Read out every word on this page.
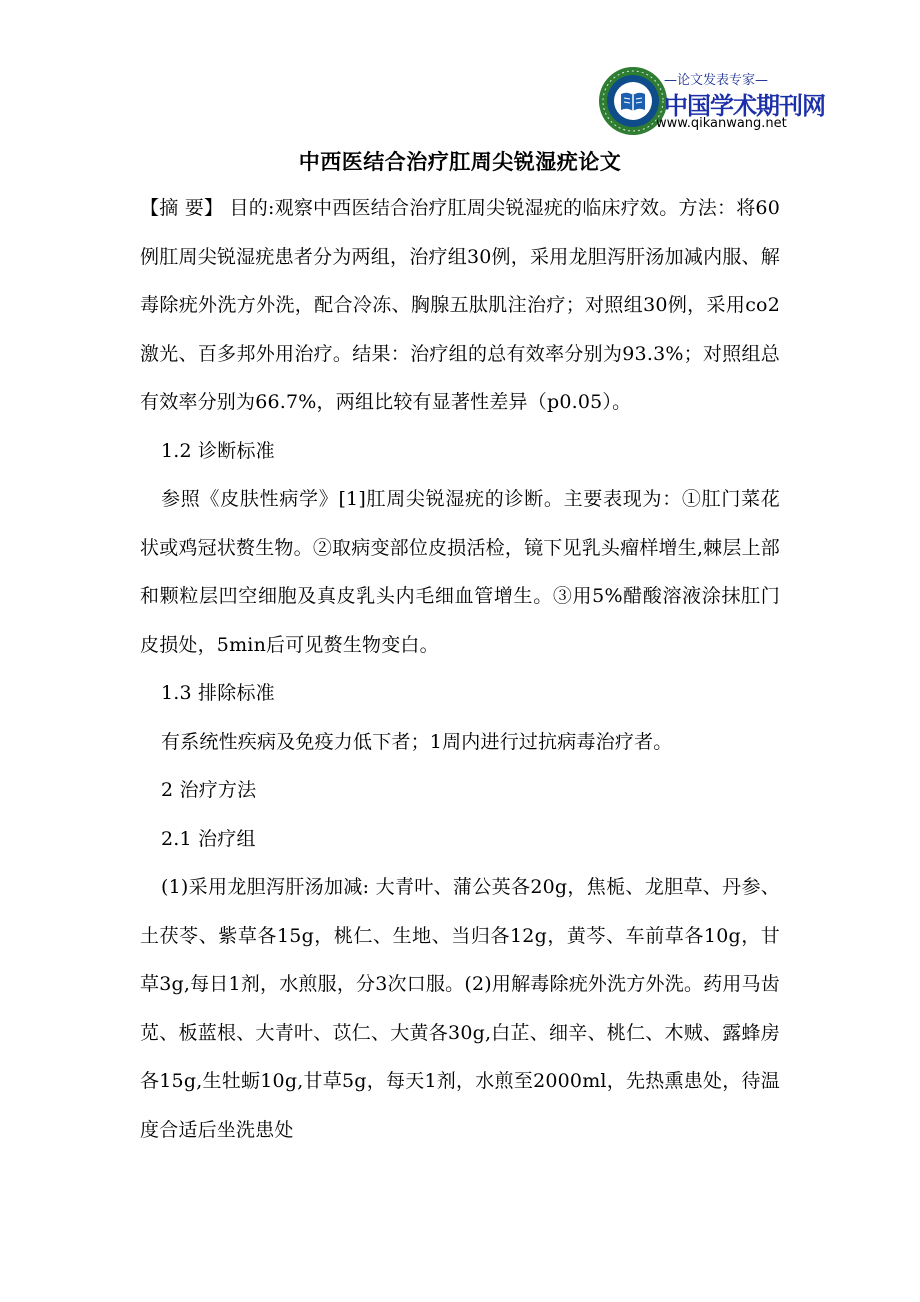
—论文发表专家—
中国学术期刊网
www.qikanwang.net
中西医结合治疗肛周尖锐湿疣论文

【摘 要】 目的:观察中西医结合治疗肛周尖锐湿疣的临床疗效。方法：将60例肛周尖锐湿疣患者分为两组，治疗组30例，采用龙胆泻肝汤加减内服、解毒除疣外洗方外洗，配合冷冻、胸腺五肽肌注治疗；对照组30例，采用co2激光、百多邦外用治疗。结果：治疗组的总有效率分别为93.3%；对照组总有效率分别为66.7%，两组比较有显著性差异（p0.05）。

1.2 诊断标准

参照《皮肤性病学》[1]肛周尖锐湿疣的诊断。主要表现为：①肛门菜花状或鸡冠状赘生物。②取病变部位皮损活检，镜下见乳头瘤样增生,棘层上部和颗粒层凹空细胞及真皮乳头内毛细血管增生。③用5%醋酸溶液涂抹肛门皮损处，5min后可见赘生物变白。

1.3 排除标准

有系统性疾病及免疫力低下者；1周内进行过抗病毒治疗者。

2 治疗方法

2.1 治疗组

(1)采用龙胆泻肝汤加减: 大青叶、蒲公英各20g，焦栀、龙胆草、丹参、土茯苓、紫草各15g，桃仁、生地、当归各12g，黄芩、车前草各10g，甘草3g,每日1剂，水煎服，分3次口服。(2)用解毒除疣外洗方外洗。药用马齿苋、板蓝根、大青叶、苡仁、大黄各30g,白芷、细辛、桃仁、木贼、露蜂房各15g,生牡蛎10g,甘草5g，每天1剂，水煎至2000ml，先热熏患处，待温度合适后坐洗患处
